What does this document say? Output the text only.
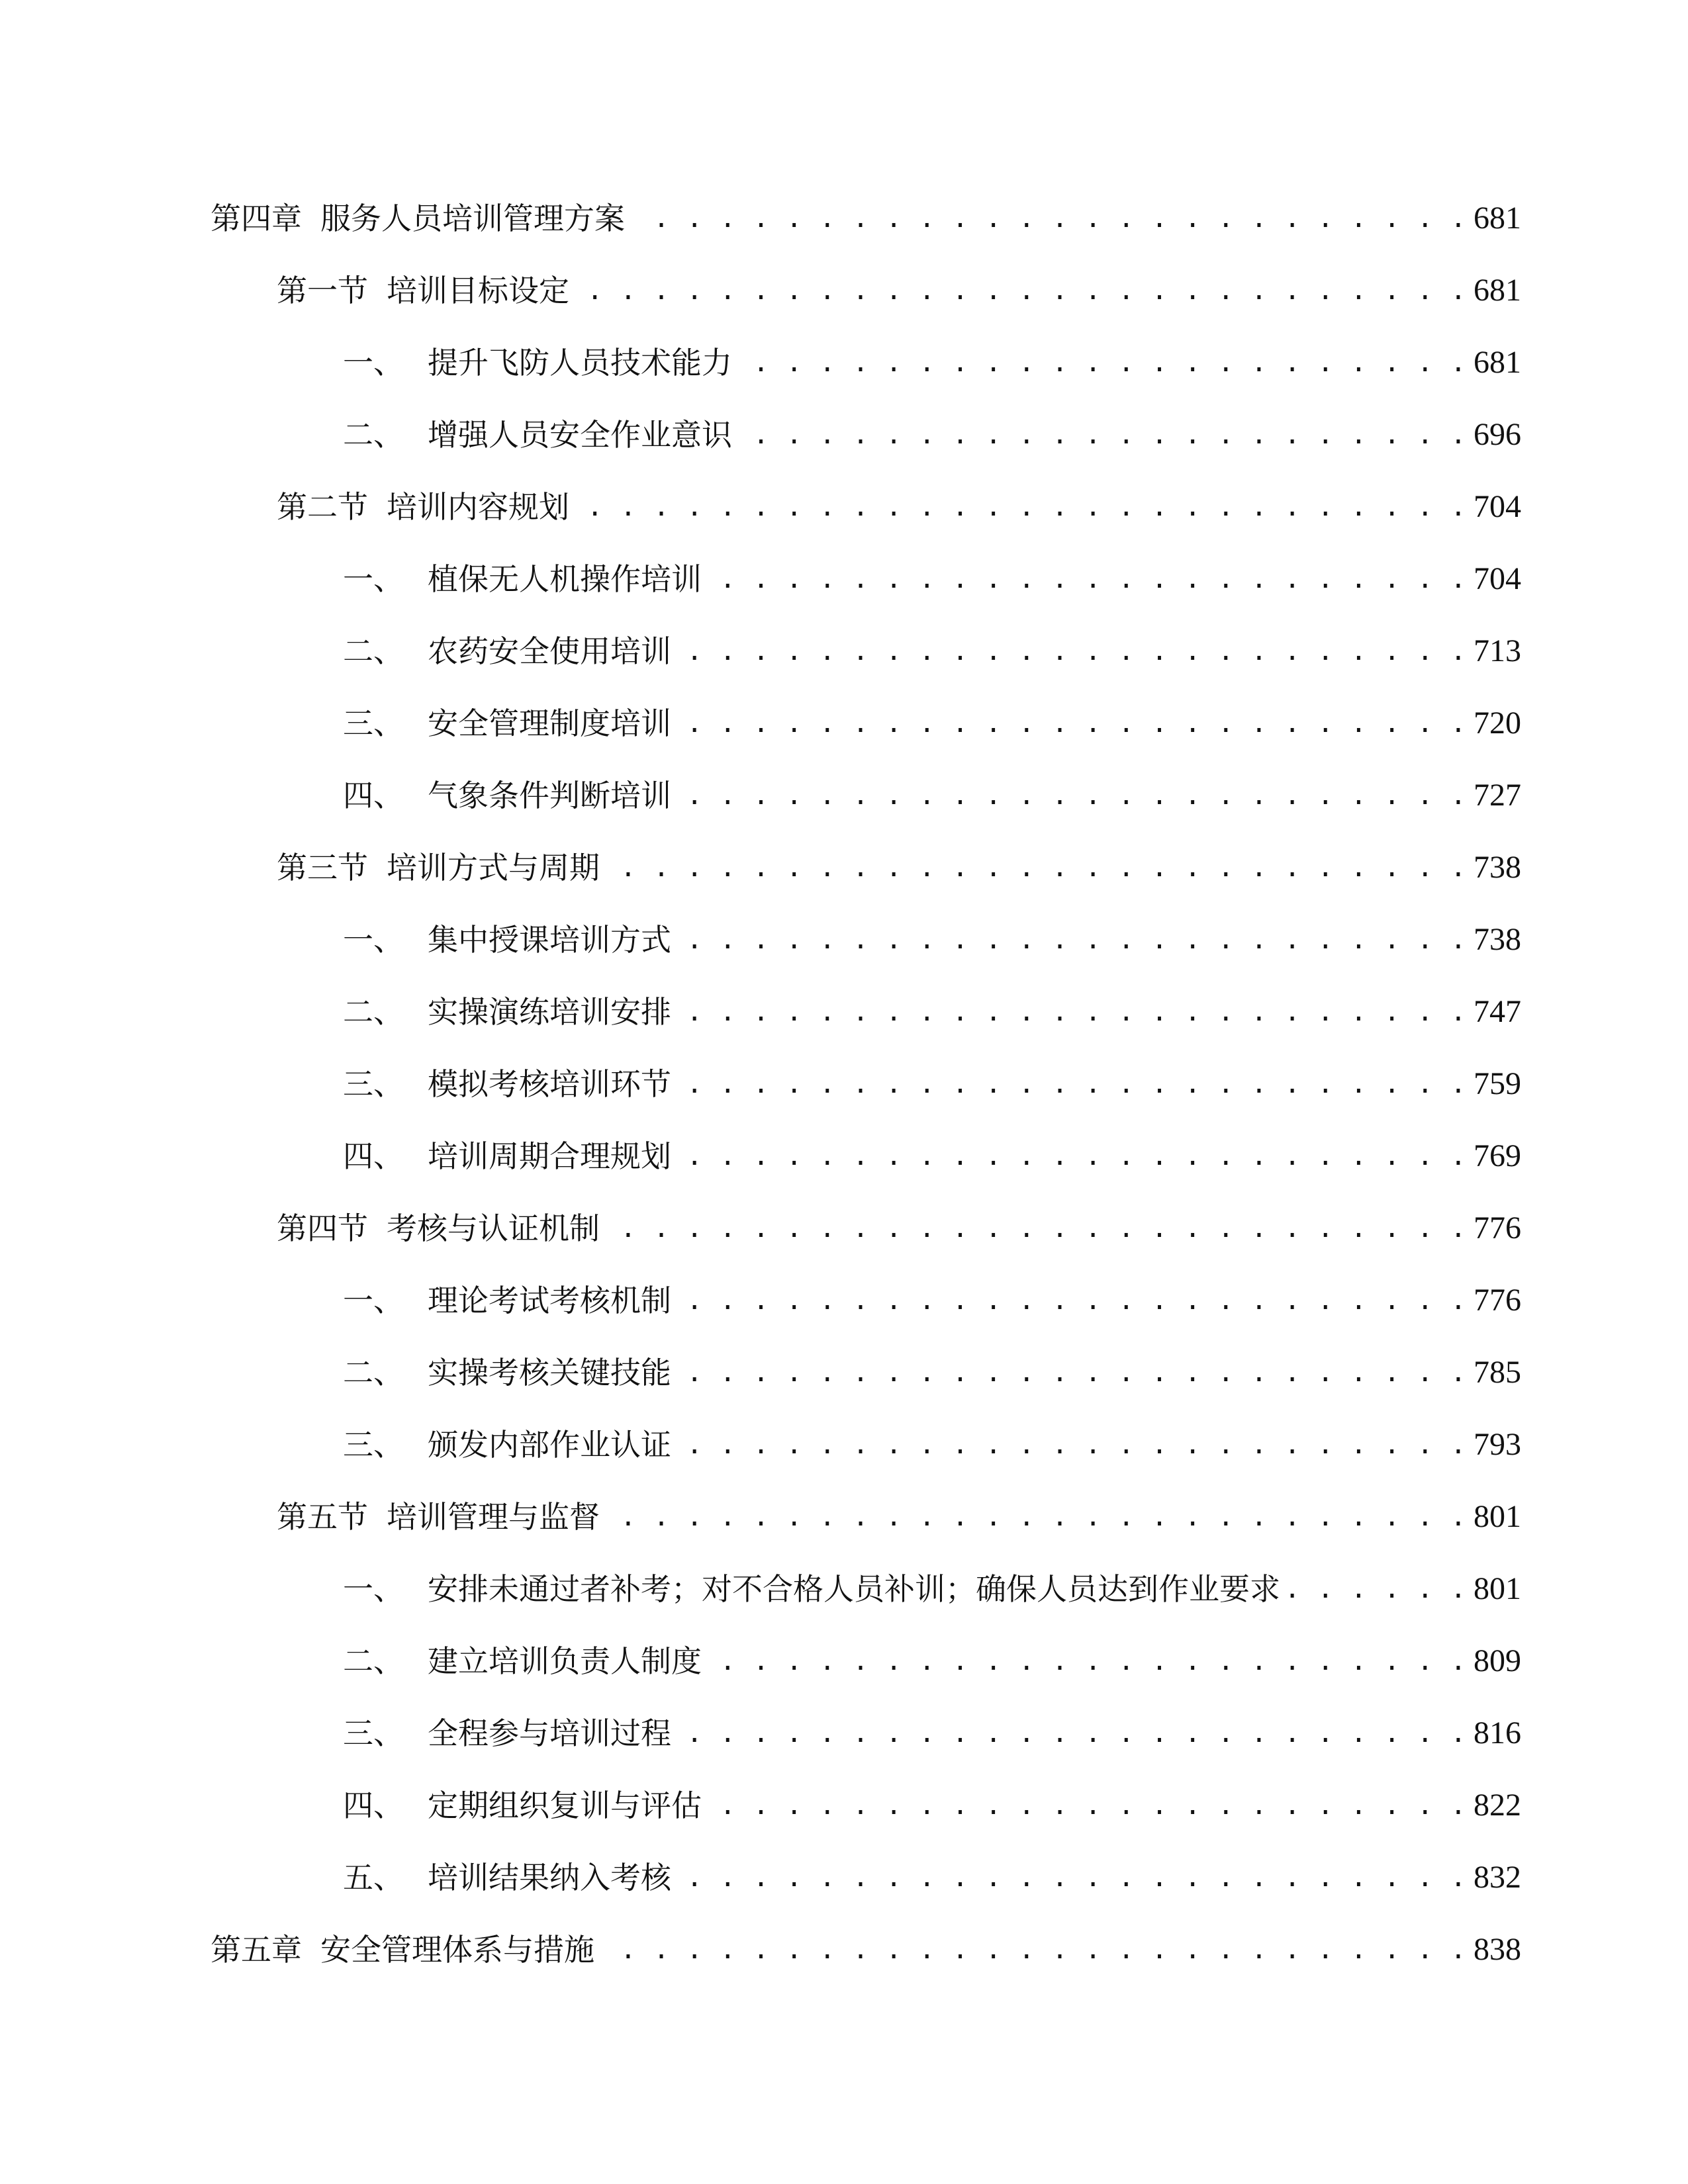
第四章 服务人员培训管理方案 . . .	681
第一节 培训目标设定 . . .	681
一、 提升飞防人员技术能力 . . .	681
二、 增强人员安全作业意识 . . .	696
第二节 培训内容规划 . . .	704
一、 植保无人机操作培训 . . .	704
二、 农药安全使用培训 . . .	713
三、 安全管理制度培训 . . .	720
四、 气象条件判断培训 . . .	727
第三节 培训方式与周期 . . .	738
一、 集中授课培训方式 . . .	738
二、 实操演练培训安排 . . .	747
三、 模拟考核培训环节 . . .	759
四、 培训周期合理规划 . . .	769
第四节 考核与认证机制 . . .	776
一、 理论考试考核机制 . . .	776
二、 实操考核关键技能 . . .	785
三、 颁发内部作业认证 . . .	793
第五节 培训管理与监督 . . .	801
一、 安排未通过者补考；对不合格人员补训；确保人员达到作业要求 . . .	801
二、 建立培训负责人制度 . . .	809
三、 全程参与培训过程 . . .	816
四、 定期组织复训与评估 . . .	822
五、 培训结果纳入考核 . . .	832
第五章 安全管理体系与措施 . . .	838
